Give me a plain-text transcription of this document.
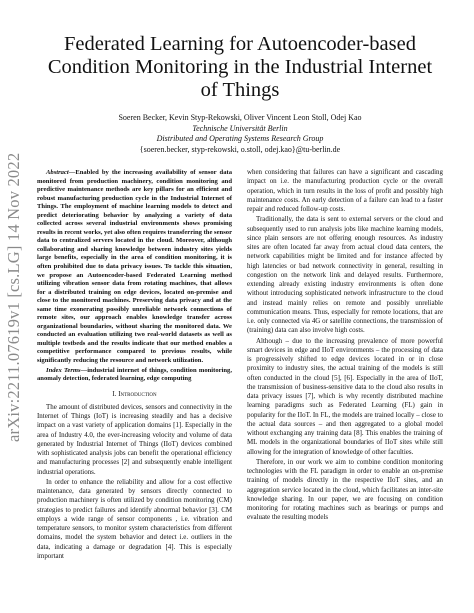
arXiv:2211.07619v1 [cs.LG] 14 Nov 2022
Federated Learning for Autoencoder-based Condition Monitoring in the Industrial Internet of Things
Soeren Becker, Kevin Styp-Rekowski, Oliver Vincent Leon Stoll, Odej Kao
Technische Universität Berlin
Distributed and Operating Systems Research Group
{soeren.becker, styp-rekowski, o.stoll, odej.kao}@tu-berlin.de

Abstract—Enabled by the increasing availability of sensor data monitored from production machinery, condition monitoring and predictive maintenance methods are key pillars for an efficient and robust manufacturing production cycle in the Industrial Internet of Things. The employment of machine learning models to detect and predict deteriorating behavior by analyzing a variety of data collected across several industrial environments shows promising results in recent works, yet also often requires transferring the sensor data to centralized servers located in the cloud. Moreover, although collaborating and sharing knowledge between industry sites yields large benefits, especially in the area of condition monitoring, it is often prohibited due to data privacy issues. To tackle this situation, we propose an Autoencoder-based Federated Learning method utilizing vibration sensor data from rotating machines, that allows for a distributed training on edge devices, located on-premise and close to the monitored machines. Preserving data privacy and at the same time exonerating possibly unreliable network connections of remote sites, our approach enables knowledge transfer across organizational boundaries, without sharing the monitored data. We conducted an evaluation utilizing two real-world datasets as well as multiple testbeds and the results indicate that our method enables a competitive performance compared to previous results, while significantly reducing the resource and network utilization.

Index Terms—industrial internet of things, condition monitoring, anomaly detection, federated learning, edge computing

I. Introduction

The amount of distributed devices, sensors and connectivity in the Internet of Things (IoT) is increasing steadily and has a decisive impact on a vast variety of application domains [1]. Especially in the area of Industry 4.0, the ever-increasing velocity and volume of data generated by Industrial Internet of Things (IIoT) devices combined with sophisticated analysis jobs can benefit the operational efficiency and manufacturing processes [2] and subsequently enable intelligent industrial operations.

In order to enhance the reliability and allow for a cost effective maintenance, data generated by sensors directly connected to production machinery is often utilized by condition monitoring (CM) strategies to predict failures and identify abnormal behavior [3]. CM employs a wide range of sensor components , i.e. vibration and temperature sensors, to monitor system characteristics from different domains, model the system behavior and detect i.e. outliers in the data, indicating a damage or degradation [4]. This is especially important

when considering that failures can have a significant and cascading impact on i.e. the manufacturing production cycle or the overall operation, which in turn results in the loss of profit and possibly high maintenance costs. An early detection of a failure can lead to a faster repair and reduced follow-up costs.

Traditionally, the data is sent to external servers or the cloud and subsequently used to run analysis jobs like machine learning models, since plain sensors are not offering enough resources. As industry sites are often located far away from actual cloud data centers, the network capabilities might be limited and for instance affected by high latencies or bad network connectivity in general, resulting in congestion on the network link and delayed results. Furthermore, extending already existing industry environments is often done without introducing sophisticated network infrastructure to the cloud and instead mainly relies on remote and possibly unreliable communication means. Thus, especially for remote locations, that are i.e. only connected via 4G or satellite connections, the transmission of (training) data can also involve high costs.

Although – due to the increasing prevalence of more powerful smart devices in edge and IIoT environments – the processing of data is progressively shifted to edge devices located in or in close proximity to industry sites, the actual training of the models is still often conducted in the cloud [5], [6]. Especially in the area of IIoT, the transmission of business-sensitive data to the cloud also results in data privacy issues [7], which is why recently distributed machine learning paradigms such as Federated Learning (FL) gain in popularity for the IIoT. In FL, the models are trained locally – close to the actual data sources – and then aggregated to a global model without exchanging any training data [8]. This enables the training of ML models in the organizational boundaries of IIoT sites while still allowing for the integration of knowledge of other faculties.

Therefore, in our work we aim to combine condition monitoring technologies with the FL paradigm in order to enable an on-premise training of models directly in the respective IIoT sites, and an aggregation service located in the cloud, which facilitates an inter-site knowledge sharing. In our paper, we are focusing on condition monitoring for rotating machines such as bearings or pumps and evaluate the resulting models
